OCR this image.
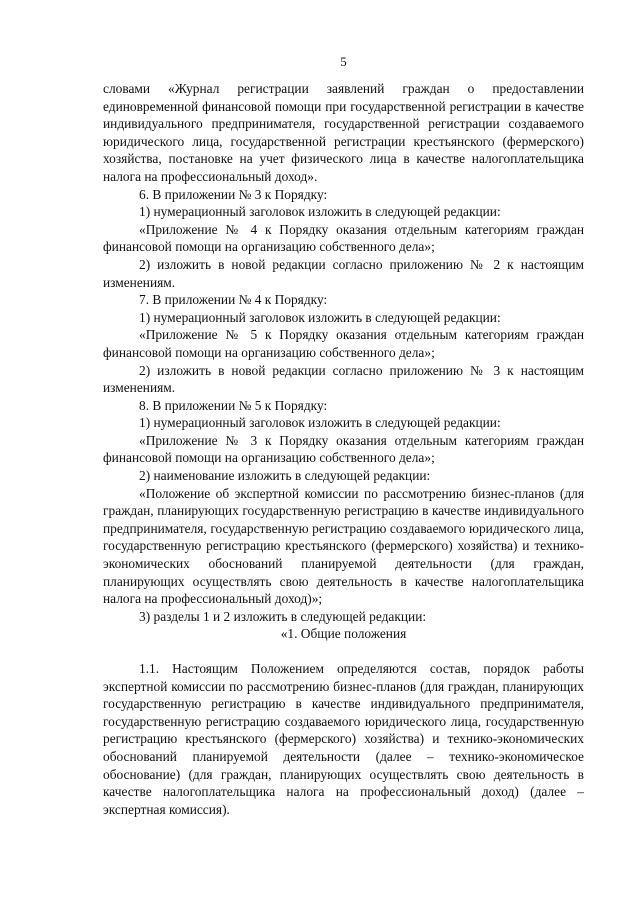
5

словами «Журнал регистрации заявлений граждан о предоставлении единовременной финансовой помощи при государственной регистрации в качестве индивидуального предпринимателя, государственной регистрации создаваемого юридического лица, государственной регистрации крестьянского (фермерского) хозяйства, постановке на учет физического лица в качестве налогоплательщика налога на профессиональный доход».

6. В приложении № 3 к Порядку:

1) нумерационный заголовок изложить в следующей редакции:

«Приложение № 4 к Порядку оказания отдельным категориям граждан финансовой помощи на организацию собственного дела»;

2) изложить в новой редакции согласно приложению № 2 к настоящим изменениям.

7. В приложении № 4 к Порядку:

1) нумерационный заголовок изложить в следующей редакции:

«Приложение № 5 к Порядку оказания отдельным категориям граждан финансовой помощи на организацию собственного дела»;

2) изложить в новой редакции согласно приложению № 3 к настоящим изменениям.

8. В приложении № 5 к Порядку:

1) нумерационный заголовок изложить в следующей редакции:

«Приложение № 3 к Порядку оказания отдельным категориям граждан финансовой помощи на организацию собственного дела»;

2) наименование изложить в следующей редакции:

«Положение об экспертной комиссии по рассмотрению бизнес-планов (для граждан, планирующих государственную регистрацию в качестве индивидуального предпринимателя, государственную регистрацию создаваемого юридического лица, государственную регистрацию крестьянского (фермерского) хозяйства) и технико-экономических обоснований планируемой деятельности (для граждан, планирующих осуществлять свою деятельность в качестве налогоплательщика налога на профессиональный доход)»;

3) разделы 1 и 2 изложить в следующей редакции:

«1. Общие положения

1.1. Настоящим Положением определяются состав, порядок работы экспертной комиссии по рассмотрению бизнес-планов (для граждан, планирующих государственную регистрацию в качестве индивидуального предпринимателя, государственную регистрацию создаваемого юридического лица, государственную регистрацию крестьянского (фермерского) хозяйства) и технико-экономических обоснований планируемой деятельности (далее – технико-экономическое обоснование) (для граждан, планирующих осуществлять свою деятельность в качестве налогоплательщика налога на профессиональный доход) (далее – экспертная комиссия).
